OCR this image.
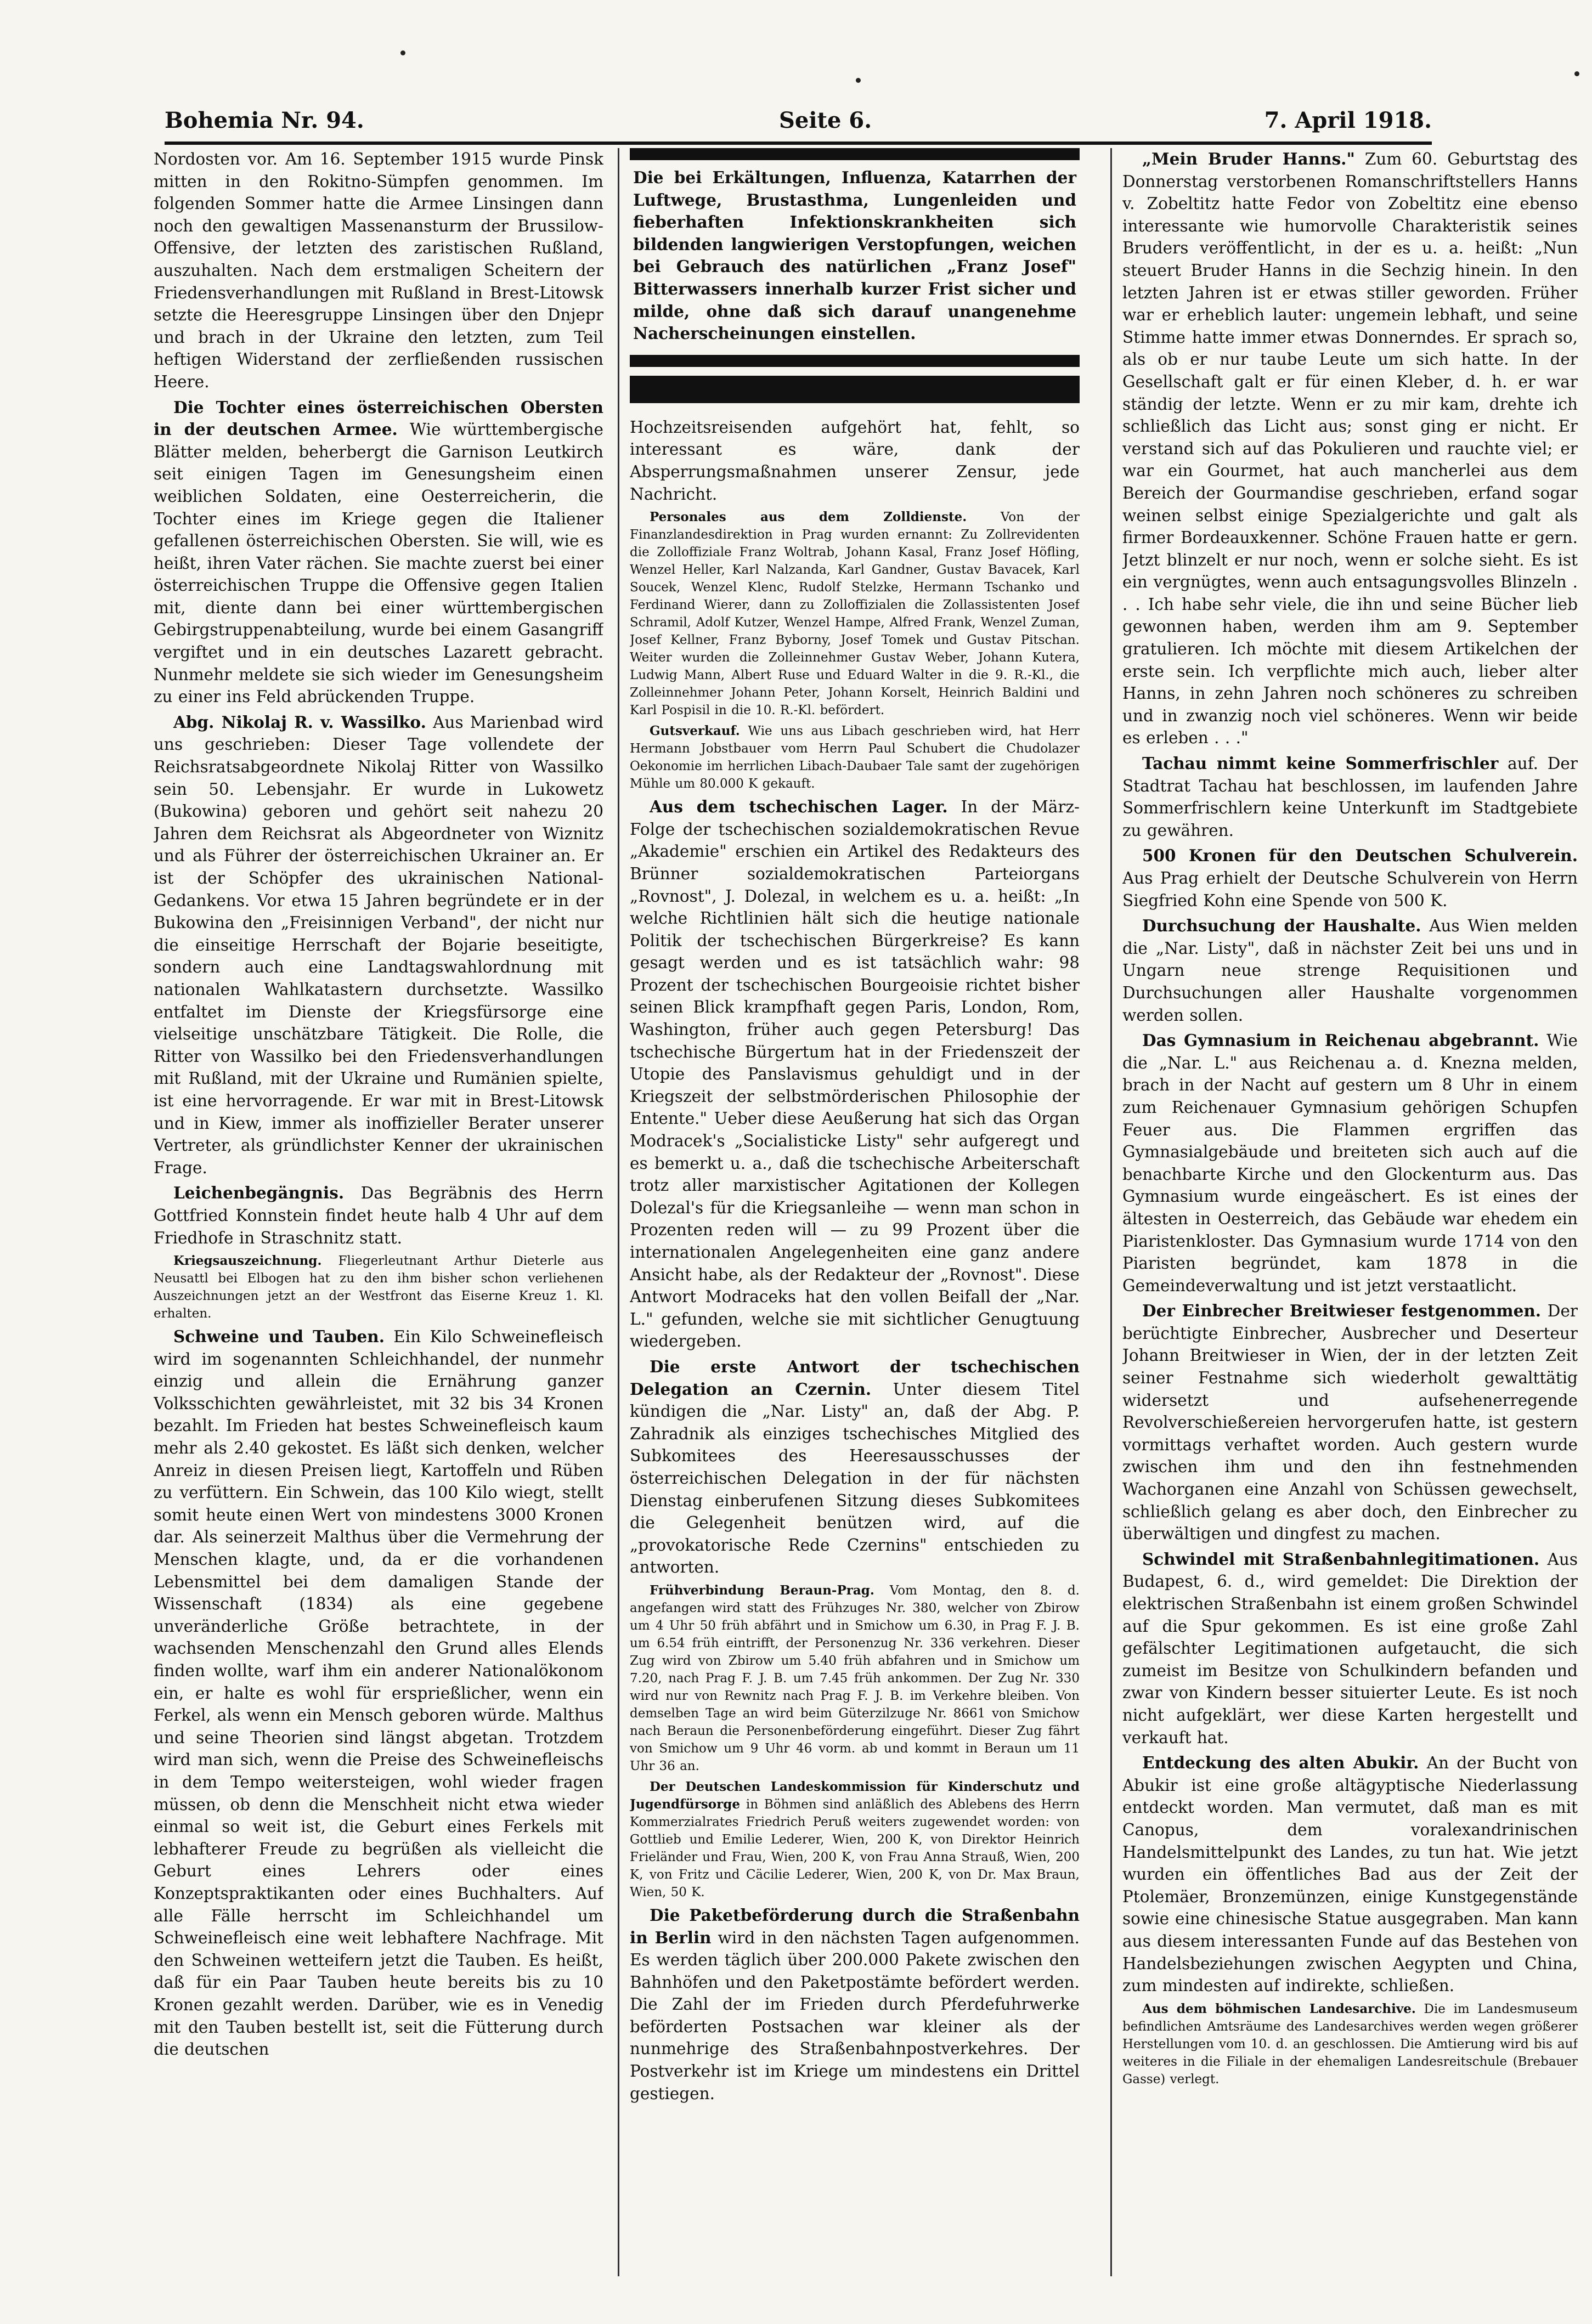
Bohemia Nr. 94.	Seite 6.	7. April 1918.

Nordosten vor. Am 16. September 1915 wurde Pinsk mitten in den Rokitno-Sümpfen genommen. Im folgenden Sommer hatte die Armee Linsingen dann noch den gewaltigen Massenansturm der Brussilow-Offensive, der letzten des zaristischen Rußland, auszuhalten. Nach dem erstmaligen Scheitern der Friedensverhandlungen mit Rußland in Brest-Litowsk setzte die Heeresgruppe Linsingen über den Dnjepr und brach in der Ukraine den letzten, zum Teil heftigen Widerstand der zerfließenden russischen Heere.

Die Tochter eines österreichischen Obersten in der deutschen Armee. Wie württembergische Blätter melden, beherbergt die Garnison Leutkirch seit einigen Tagen im Genesungsheim einen weiblichen Soldaten, eine Oesterreicherin, die Tochter eines im Kriege gegen die Italiener gefallenen österreichischen Obersten. Sie will, wie es heißt, ihren Vater rächen. Sie machte zuerst bei einer österreichischen Truppe die Offensive gegen Italien mit, diente dann bei einer württembergischen Gebirgstruppenabteilung, wurde bei einem Gasangriff vergiftet und in ein deutsches Lazarett gebracht. Nunmehr meldete sie sich wieder im Genesungsheim zu einer ins Feld abrückenden Truppe.

Abg. Nikolaj R. v. Wassilko. Aus Marienbad wird uns geschrieben: Dieser Tage vollendete der Reichsratsabgeordnete Nikolaj Ritter von Wassilko sein 50. Lebensjahr. Er wurde in Lukowetz (Bukowina) geboren und gehört seit nahezu 20 Jahren dem Reichsrat als Abgeordneter von Wiznitz und als Führer der österreichischen Ukrainer an. Er ist der Schöpfer des ukrainischen National-Gedankens. Vor etwa 15 Jahren begründete er in der Bukowina den „Freisinnigen Verband", der nicht nur die einseitige Herrschaft der Bojarie beseitigte, sondern auch eine Landtagswahlordnung mit nationalen Wahlkatastern durchsetzte. Wassilko entfaltet im Dienste der Kriegsfürsorge eine vielseitige unschätzbare Tätigkeit. Die Rolle, die Ritter von Wassilko bei den Friedensverhandlungen mit Rußland, mit der Ukraine und Rumänien spielte, ist eine hervorragende. Er war mit in Brest-Litowsk und in Kiew, immer als inoffizieller Berater unserer Vertreter, als gründlichster Kenner der ukrainischen Frage.

Leichenbegängnis. Das Begräbnis des Herrn Gottfried Konnstein findet heute halb 4 Uhr auf dem Friedhofe in Straschnitz statt.

Kriegsauszeichnung. Fliegerleutnant Arthur Dieterle aus Neusattl bei Elbogen hat zu den ihm bisher schon verliehenen Auszeichnungen jetzt an der Westfront das Eiserne Kreuz 1. Kl. erhalten.

Schweine und Tauben. Ein Kilo Schweinefleisch wird im sogenannten Schleichhandel, der nunmehr einzig und allein die Ernährung ganzer Volksschichten gewährleistet, mit 32 bis 34 Kronen bezahlt. Im Frieden hat bestes Schweinefleisch kaum mehr als 2.40 gekostet. Es läßt sich denken, welcher Anreiz in diesen Preisen liegt, Kartoffeln und Rüben zu verfüttern. Ein Schwein, das 100 Kilo wiegt, stellt somit heute einen Wert von mindestens 3000 Kronen dar. Als seinerzeit Malthus über die Vermehrung der Menschen klagte, und, da er die vorhandenen Lebensmittel bei dem damaligen Stande der Wissenschaft (1834) als eine gegebene unveränderliche Größe betrachtete, in der wachsenden Menschenzahl den Grund alles Elends finden wollte, warf ihm ein anderer Nationalökonom ein, er halte es wohl für ersprießlicher, wenn ein Ferkel, als wenn ein Mensch geboren würde. Malthus und seine Theorien sind längst abgetan. Trotzdem wird man sich, wenn die Preise des Schweinefleischs in dem Tempo weitersteigen, wohl wieder fragen müssen, ob denn die Menschheit nicht etwa wieder einmal so weit ist, die Geburt eines Ferkels mit lebhafterer Freude zu begrüßen als vielleicht die Geburt eines Lehrers oder eines Konzeptspraktikanten oder eines Buchhalters. Auf alle Fälle herrscht im Schleichhandel um Schweinefleisch eine weit lebhaftere Nachfrage. Mit den Schweinen wetteifern jetzt die Tauben. Es heißt, daß für ein Paar Tauben heute bereits bis zu 10 Kronen gezahlt werden. Darüber, wie es in Venedig mit den Tauben bestellt ist, seit die Fütterung durch die deutschen

Die bei Erkältungen, Influenza, Katarrhen der Luftwege, Brustasthma, Lungenleiden und fieberhaften Infektionskrankheiten sich bildenden langwierigen Verstopfungen, weichen bei Gebrauch des natürlichen „Franz Josef" Bitterwassers innerhalb kurzer Frist sicher und milde, ohne daß sich darauf unangenehme Nacherscheinungen einstellen.

Hochzeitsreisenden aufgehört hat, fehlt, so interessant es wäre, dank der Absperrungsmaßnahmen unserer Zensur, jede Nachricht.

Personales aus dem Zolldienste. Von der Finanzlandesdirektion in Prag wurden ernannt: Zu Zollrevidenten die Zolloffiziale Franz Woltrab, Johann Kasal, Franz Josef Höfling, Wenzel Heller, Karl Nalzanda, Karl Gandner, Gustav Bavacek, Karl Soucek, Wenzel Klenc, Rudolf Stelzke, Hermann Tschanko und Ferdinand Wierer, dann zu Zolloffizialen die Zollassistenten Josef Schramil, Adolf Kutzer, Wenzel Hampe, Alfred Frank, Wenzel Zuman, Josef Kellner, Franz Byborny, Josef Tomek und Gustav Pitschan. Weiter wurden die Zolleinnehmer Gustav Weber, Johann Kutera, Ludwig Mann, Albert Ruse und Eduard Walter in die 9. R.-Kl., die Zolleinnehmer Johann Peter, Johann Korselt, Heinrich Baldini und Karl Pospisil in die 10. R.-Kl. befördert.

Gutsverkauf. Wie uns aus Libach geschrieben wird, hat Herr Hermann Jobstbauer vom Herrn Paul Schubert die Chudolazer Oekonomie im herrlichen Libach-Daubaer Tale samt der zugehörigen Mühle um 80.000 K gekauft.

Aus dem tschechischen Lager. In der März-Folge der tschechischen sozialdemokratischen Revue „Akademie" erschien ein Artikel des Redakteurs des Brünner sozialdemokratischen Parteiorgans „Rovnost", J. Dolezal, in welchem es u. a. heißt: „In welche Richtlinien hält sich die heutige nationale Politik der tschechischen Bürgerkreise? Es kann gesagt werden und es ist tatsächlich wahr: 98 Prozent der tschechischen Bourgeoisie richtet bisher seinen Blick krampfhaft gegen Paris, London, Rom, Washington, früher auch gegen Petersburg! Das tschechische Bürgertum hat in der Friedenszeit der Utopie des Panslavismus gehuldigt und in der Kriegszeit der selbstmörderischen Philosophie der Entente." Ueber diese Aeußerung hat sich das Organ Modracek's „Socialisticke Listy" sehr aufgeregt und es bemerkt u. a., daß die tschechische Arbeiterschaft trotz aller marxistischer Agitationen der Kollegen Dolezal's für die Kriegsanleihe — wenn man schon in Prozenten reden will — zu 99 Prozent über die internationalen Angelegenheiten eine ganz andere Ansicht habe, als der Redakteur der „Rovnost". Diese Antwort Modraceks hat den vollen Beifall der „Nar. L." gefunden, welche sie mit sichtlicher Genugtuung wiedergeben.

Die erste Antwort der tschechischen Delegation an Czernin. Unter diesem Titel kündigen die „Nar. Listy" an, daß der Abg. P. Zahradnik als einziges tschechisches Mitglied des Subkomitees des Heeresausschusses der österreichischen Delegation in der für nächsten Dienstag einberufenen Sitzung dieses Subkomitees die Gelegenheit benützen wird, auf die „provokatorische Rede Czernins" entschieden zu antworten.

Frühverbindung Beraun-Prag. Vom Montag, den 8. d. angefangen wird statt des Frühzuges Nr. 380, welcher von Zbirow um 4 Uhr 50 früh abfährt und in Smichow um 6.30, in Prag F. J. B. um 6.54 früh eintrifft, der Personenzug Nr. 336 verkehren. Dieser Zug wird von Zbirow um 5.40 früh abfahren und in Smichow um 7.20, nach Prag F. J. B. um 7.45 früh ankommen. Der Zug Nr. 330 wird nur von Rewnitz nach Prag F. J. B. im Verkehre bleiben. Von demselben Tage an wird beim Güterzilzuge Nr. 8661 von Smichow nach Beraun die Personenbeförderung eingeführt. Dieser Zug fährt von Smichow um 9 Uhr 46 vorm. ab und kommt in Beraun um 11 Uhr 36 an.

Der Deutschen Landeskommission für Kinderschutz und Jugendfürsorge in Böhmen sind anläßlich des Ablebens des Herrn Kommerzialrates Friedrich Peruß weiters zugewendet worden: von Gottlieb und Emilie Lederer, Wien, 200 K, von Direktor Heinrich Frieländer und Frau, Wien, 200 K, von Frau Anna Strauß, Wien, 200 K, von Fritz und Cäcilie Lederer, Wien, 200 K, von Dr. Max Braun, Wien, 50 K.

Die Paketbeförderung durch die Straßenbahn in Berlin wird in den nächsten Tagen aufgenommen. Es werden täglich über 200.000 Pakete zwischen den Bahnhöfen und den Paketpostämte befördert werden. Die Zahl der im Frieden durch Pferdefuhrwerke beförderten Postsachen war kleiner als der nunmehrige des Straßenbahnpostverkehres. Der Postverkehr ist im Kriege um mindestens ein Drittel gestiegen.

„Mein Bruder Hanns." Zum 60. Geburtstag des Donnerstag verstorbenen Romanschriftstellers Hanns v. Zobeltitz hatte Fedor von Zobeltitz eine ebenso interessante wie humorvolle Charakteristik seines Bruders veröffentlicht, in der es u. a. heißt: „Nun steuert Bruder Hanns in die Sechzig hinein. In den letzten Jahren ist er etwas stiller geworden. Früher war er erheblich lauter: ungemein lebhaft, und seine Stimme hatte immer etwas Donnerndes. Er sprach so, als ob er nur taube Leute um sich hatte. In der Gesellschaft galt er für einen Kleber, d. h. er war ständig der letzte. Wenn er zu mir kam, drehte ich schließlich das Licht aus; sonst ging er nicht. Er verstand sich auf das Pokulieren und rauchte viel; er war ein Gourmet, hat auch mancherlei aus dem Bereich der Gourmandise geschrieben, erfand sogar weinen selbst einige Spezialgerichte und galt als firmer Bordeauxkenner. Schöne Frauen hatte er gern. Jetzt blinzelt er nur noch, wenn er solche sieht. Es ist ein vergnügtes, wenn auch entsagungsvolles Blinzeln . . . Ich habe sehr viele, die ihn und seine Bücher lieb gewonnen haben, werden ihm am 9. September gratulieren. Ich möchte mit diesem Artikelchen der erste sein. Ich verpflichte mich auch, lieber alter Hanns, in zehn Jahren noch schöneres zu schreiben und in zwanzig noch viel schöneres. Wenn wir beide es erleben . . ."

Tachau nimmt keine Sommerfrischler auf. Der Stadtrat Tachau hat beschlossen, im laufenden Jahre Sommerfrischlern keine Unterkunft im Stadtgebiete zu gewähren.

500 Kronen für den Deutschen Schulverein. Aus Prag erhielt der Deutsche Schulverein von Herrn Siegfried Kohn eine Spende von 500 K.

Durchsuchung der Haushalte. Aus Wien melden die „Nar. Listy", daß in nächster Zeit bei uns und in Ungarn neue strenge Requisitionen und Durchsuchungen aller Haushalte vorgenommen werden sollen.

Das Gymnasium in Reichenau abgebrannt. Wie die „Nar. L." aus Reichenau a. d. Knezna melden, brach in der Nacht auf gestern um 8 Uhr in einem zum Reichenauer Gymnasium gehörigen Schupfen Feuer aus. Die Flammen ergriffen das Gymnasialgebäude und breiteten sich auch auf die benachbarte Kirche und den Glockenturm aus. Das Gymnasium wurde eingeäschert. Es ist eines der ältesten in Oesterreich, das Gebäude war ehedem ein Piaristenkloster. Das Gymnasium wurde 1714 von den Piaristen begründet, kam 1878 in die Gemeindeverwaltung und ist jetzt verstaatlicht.

Der Einbrecher Breitwieser festgenommen. Der berüchtigte Einbrecher, Ausbrecher und Deserteur Johann Breitwieser in Wien, der in der letzten Zeit seiner Festnahme sich wiederholt gewalttätig widersetzt und aufsehenerregende Revolverschießereien hervorgerufen hatte, ist gestern vormittags verhaftet worden. Auch gestern wurde zwischen ihm und den ihn festnehmenden Wachorganen eine Anzahl von Schüssen gewechselt, schließlich gelang es aber doch, den Einbrecher zu überwältigen und dingfest zu machen.

Schwindel mit Straßenbahnlegitimationen. Aus Budapest, 6. d., wird gemeldet: Die Direktion der elektrischen Straßenbahn ist einem großen Schwindel auf die Spur gekommen. Es ist eine große Zahl gefälschter Legitimationen aufgetaucht, die sich zumeist im Besitze von Schulkindern befanden und zwar von Kindern besser situierter Leute. Es ist noch nicht aufgeklärt, wer diese Karten hergestellt und verkauft hat.

Entdeckung des alten Abukir. An der Bucht von Abukir ist eine große altägyptische Niederlassung entdeckt worden. Man vermutet, daß man es mit Canopus, dem voralexandrinischen Handelsmittelpunkt des Landes, zu tun hat. Wie jetzt wurden ein öffentliches Bad aus der Zeit der Ptolemäer, Bronzemünzen, einige Kunstgegenstände sowie eine chinesische Statue ausgegraben. Man kann aus diesem interessanten Funde auf das Bestehen von Handelsbeziehungen zwischen Aegypten und China, zum mindesten auf indirekte, schließen.

Aus dem böhmischen Landesarchive. Die im Landesmuseum befindlichen Amtsräume des Landesarchives werden wegen größerer Herstellungen vom 10. d. an geschlossen. Die Amtierung wird bis auf weiteres in die Filiale in der ehemaligen Landesreitschule (Brebauer Gasse) verlegt.
